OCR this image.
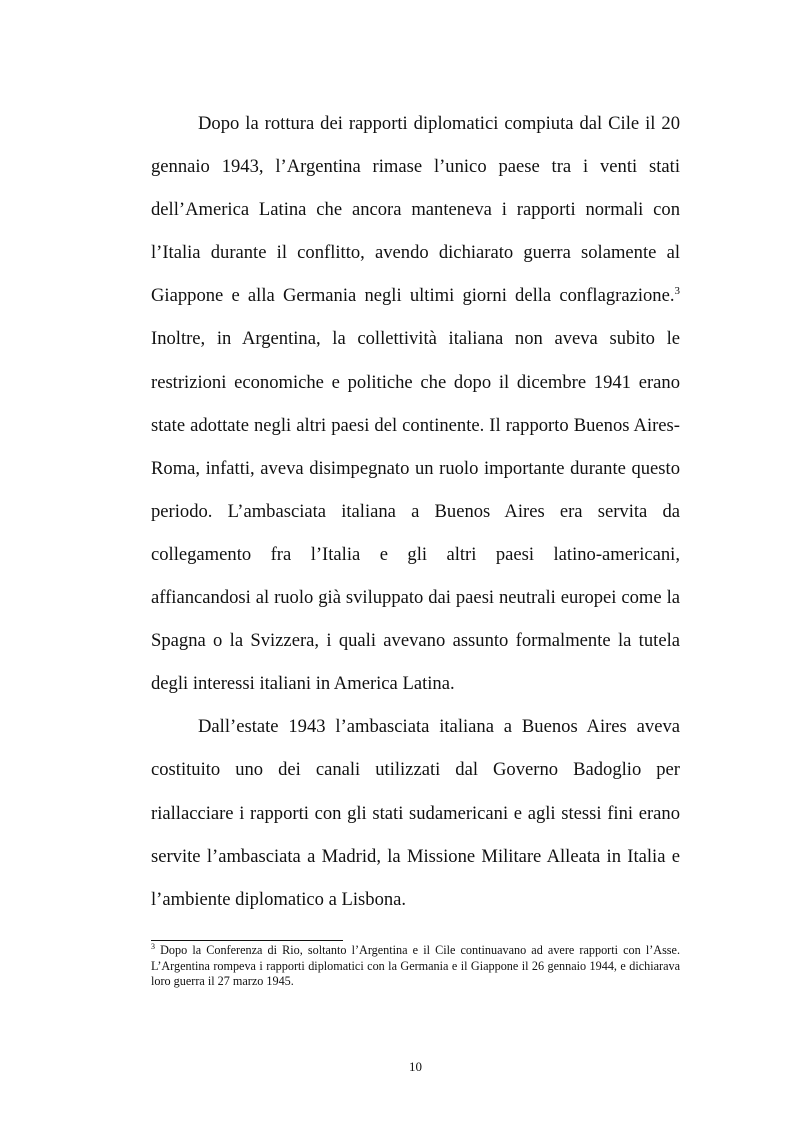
Dopo la rottura dei rapporti diplomatici compiuta dal Cile il 20 gennaio 1943, l’Argentina rimase l’unico paese tra i venti stati dell’America Latina che ancora manteneva i rapporti normali con l’Italia durante il conflitto, avendo dichiarato guerra solamente al Giappone e alla Germania negli ultimi giorni della conflagrazione.$^3$ Inoltre, in Argentina, la collettività italiana non aveva subito le restrizioni economiche e politiche che dopo il dicembre 1941 erano state adottate negli altri paesi del continente. Il rapporto Buenos Aires-Roma, infatti, aveva disimpegnato un ruolo importante durante questo periodo. L’ambasciata italiana a Buenos Aires era servita da collegamento fra l’Italia e gli altri paesi latino-americani, affiancandosi al ruolo già sviluppato dai paesi neutrali europei come la Spagna o la Svizzera, i quali avevano assunto formalmente la tutela degli interessi italiani in America Latina.

Dall’estate 1943 l’ambasciata italiana a Buenos Aires aveva costituito uno dei canali utilizzati dal Governo Badoglio per riallacciare i rapporti con gli stati sudamericani e agli stessi fini erano servite l’ambasciata a Madrid, la Missione Militare Alleata in Italia e l’ambiente diplomatico a Lisbona.

$^3$ Dopo la Conferenza di Rio, soltanto l’Argentina e il Cile continuavano ad avere rapporti con l’Asse. L’Argentina rompeva i rapporti diplomatici con la Germania e il Giappone il 26 gennaio 1944, e dichiarava loro guerra il 27 marzo 1945.

10
